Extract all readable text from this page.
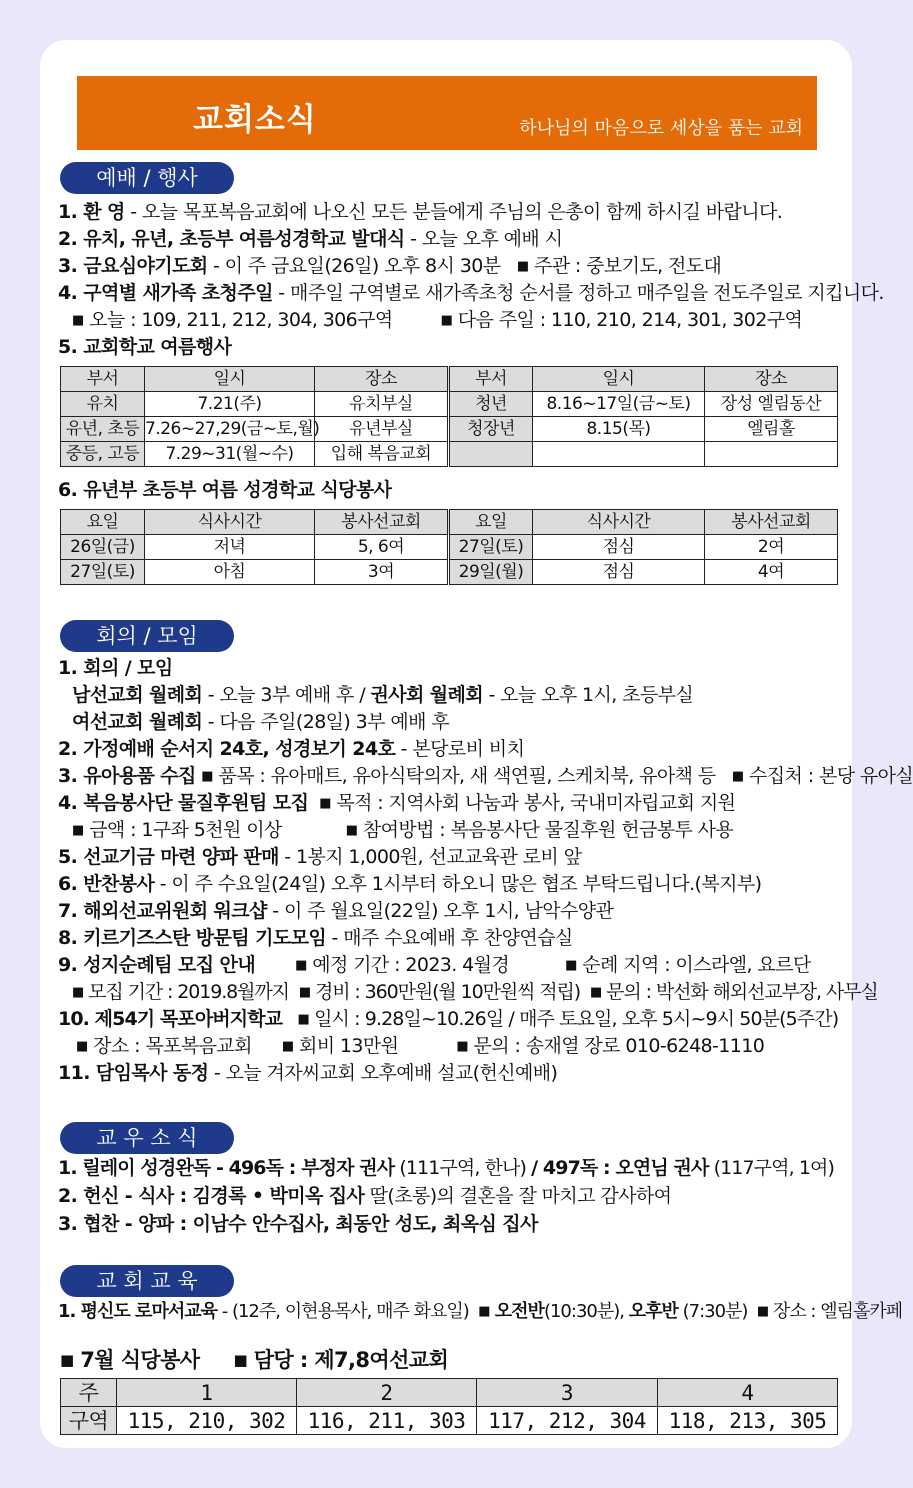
교회소식	하나님의 마음으로 세상을 품는 교회
예배 / 행사
1. 환 영 - 오늘 목포복음교회에 나오신 모든 분들에게 주님의 은총이 함께 하시길 바랍니다.
2. 유치, 유년, 초등부 여름성경학교 발대식 - 오늘 오후 예배 시
3. 금요심야기도회 - 이 주 금요일(26일) 오후 8시 30분 ■ 주관 : 중보기도, 전도대
4. 구역별 새가족 초청주일 - 매주일 구역별로 새가족초청 순서를 정하고 매주일을 전도주일로 지킵니다.
■ 오늘 : 109, 211, 212, 304, 306구역	■ 다음 주일 : 110, 210, 214, 301, 302구역
5. 교회학교 여름행사
부서	일시	장소	부서	일시	장소
유치	7.21(주)	유치부실	청년	8.16~17일(금~토)	장성 엘림동산
유년, 초등	7.26~27,29(금~토,월)	유년부실	청장년	8.15(목)	엘림홀
중등, 고등	7.29~31(월~수)	입해 복음교회			
6. 유년부 초등부 여름 성경학교 식당봉사
요일	식사시간	봉사선교회	요일	식사시간	봉사선교회
26일(금)	저녁	5, 6여	27일(토)	점심	2여
27일(토)	아침	3여	29일(월)	점심	4여
회의 / 모임
1. 회의 / 모임
남선교회 월례회 - 오늘 3부 예배 후 / 권사회 월례회 - 오늘 오후 1시, 초등부실
여선교회 월례회 - 다음 주일(28일) 3부 예배 후
2. 가정예배 순서지 24호, 성경보기 24호 - 본당로비 비치
3. 유아용품 수집 ■ 품목 : 유아매트, 유아식탁의자, 새 색연필, 스케치북, 유아책 등 ■ 수집처 : 본당 유아실
4. 복음봉사단 물질후원팀 모집 ■ 목적 : 지역사회 나눔과 봉사, 국내미자립교회 지원
■ 금액 : 1구좌 5천원 이상	■ 참여방법 : 복음봉사단 물질후원 헌금봉투 사용
5. 선교기금 마련 양파 판매 - 1봉지 1,000원, 선교교육관 로비 앞
6. 반찬봉사 - 이 주 수요일(24일) 오후 1시부터 하오니 많은 협조 부탁드립니다.(복지부)
7. 해외선교위원회 워크샵 - 이 주 월요일(22일) 오후 1시, 남악수양관
8. 키르기즈스탄 방문팀 기도모임 - 매주 수요예배 후 찬양연습실
9. 성지순례팀 모집 안내	■ 예정 기간 : 2023. 4월경	■ 순례 지역 : 이스라엘, 요르단
■ 모집 기간 : 2019.8월까지 ■ 경비 : 360만원(월 10만원씩 적립) ■ 문의 : 박선화 해외선교부장, 사무실
10. 제54기 목포아버지학교 ■ 일시 : 9.28일~10.26일 / 매주 토요일, 오후 5시~9시 50분(5주간)
■ 장소 : 목포복음교회 ■ 회비 13만원	■ 문의 : 송재열 장로 010-6248-1110
11. 담임목사 동정 - 오늘 겨자씨교회 오후예배 설교(헌신예배)
교 우 소 식
1. 릴레이 성경완독 - 496독 : 부정자 권사 (111구역, 한나) / 497독 : 오연님 권사 (117구역, 1여)
2. 헌신 - 식사 : 김경록 • 박미옥 집사 딸(초롱)의 결혼을 잘 마치고 감사하여
3. 협찬 - 양파 : 이남수 안수집사, 최동안 성도, 최옥심 집사
교 회 교 육
1. 평신도 로마서교육 - (12주, 이현용목사, 매주 화요일) ■ 오전반(10:30분), 오후반 (7:30분) ■ 장소 : 엘림홀카페
■ 7월 식당봉사 ■ 담당 : 제7,8여선교회
주	1	2	3	4
구역	115, 210, 302	116, 211, 303	117, 212, 304	118, 213, 305
